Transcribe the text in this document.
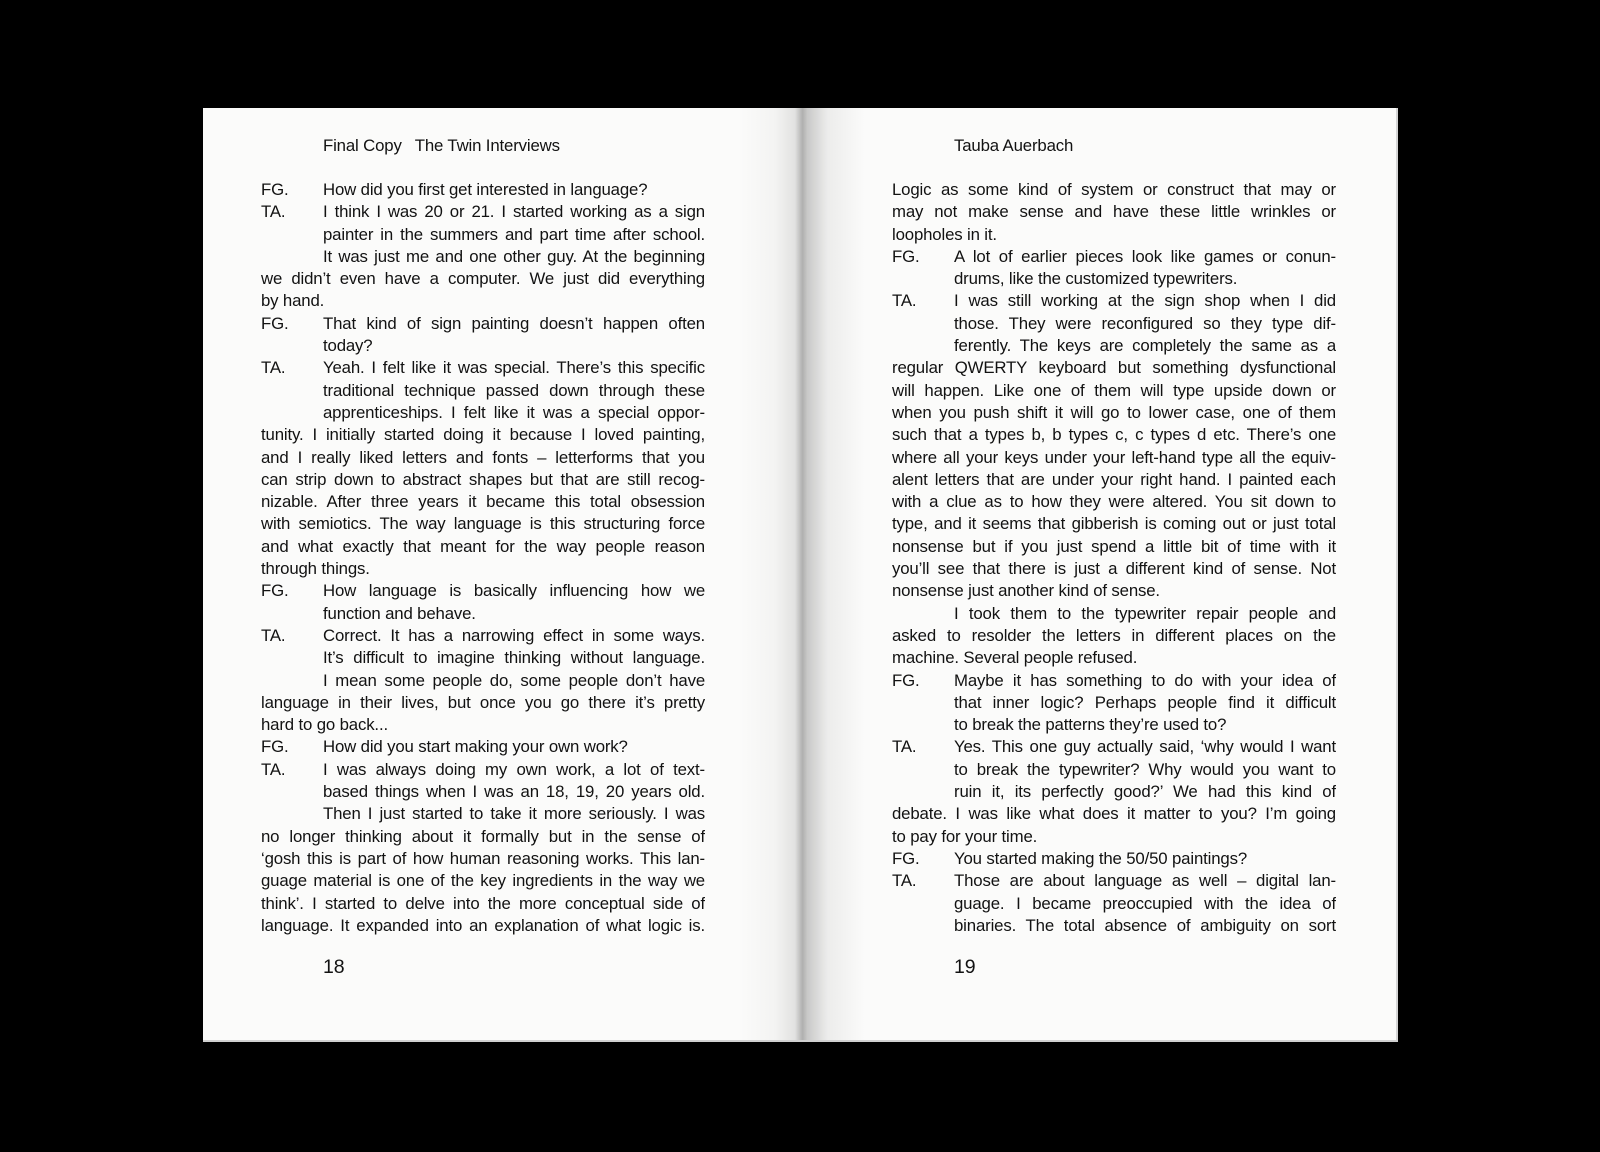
Final Copy The Twin Interviews
FG. How did you first get interested in language?
TA. I think I was 20 or 21. I started working as a sign
painter in the summers and part time after school.
It was just me and one other guy. At the beginning
we didn’t even have a computer. We just did everything
by hand.
FG. That kind of sign painting doesn’t happen often
today?
TA. Yeah. I felt like it was special. There’s this specific
traditional technique passed down through these
apprenticeships. I felt like it was a special oppor-
tunity. I initially started doing it because I loved painting,
and I really liked letters and fonts – letterforms that you
can strip down to abstract shapes but that are still recog-
nizable. After three years it became this total obsession
with semiotics. The way language is this structuring force
and what exactly that meant for the way people reason
through things.
FG. How language is basically influencing how we
function and behave.
TA. Correct. It has a narrowing effect in some ways.
It’s difficult to imagine thinking without language.
I mean some people do, some people don’t have
language in their lives, but once you go there it’s pretty
hard to go back...
FG. How did you start making your own work?
TA. I was always doing my own work, a lot of text-
based things when I was an 18, 19, 20 years old.
Then I just started to take it more seriously. I was
no longer thinking about it formally but in the sense of
‘gosh this is part of how human reasoning works. This lan-
guage material is one of the key ingredients in the way we
think’. I started to delve into the more conceptual side of
language. It expanded into an explanation of what logic is.
18
Tauba Auerbach
Logic as some kind of system or construct that may or
may not make sense and have these little wrinkles or
loopholes in it.
FG. A lot of earlier pieces look like games or conun-
drums, like the customized typewriters.
TA. I was still working at the sign shop when I did
those. They were reconfigured so they type dif-
ferently. The keys are completely the same as a
regular QWERTY keyboard but something dysfunctional
will happen. Like one of them will type upside down or
when you push shift it will go to lower case, one of them
such that a types b, b types c, c types d etc. There’s one
where all your keys under your left-hand type all the equiv-
alent letters that are under your right hand. I painted each
with a clue as to how they were altered. You sit down to
type, and it seems that gibberish is coming out or just total
nonsense but if you just spend a little bit of time with it
you’ll see that there is just a different kind of sense. Not
nonsense just another kind of sense.
I took them to the typewriter repair people and
asked to resolder the letters in different places on the
machine. Several people refused.
FG. Maybe it has something to do with your idea of
that inner logic? Perhaps people find it difficult
to break the patterns they’re used to?
TA. Yes. This one guy actually said, ‘why would I want
to break the typewriter? Why would you want to
ruin it, its perfectly good?’ We had this kind of
debate. I was like what does it matter to you? I’m going
to pay for your time.
FG. You started making the 50/50 paintings?
TA. Those are about language as well – digital lan-
guage. I became preoccupied with the idea of
binaries. The total absence of ambiguity on sort
19
